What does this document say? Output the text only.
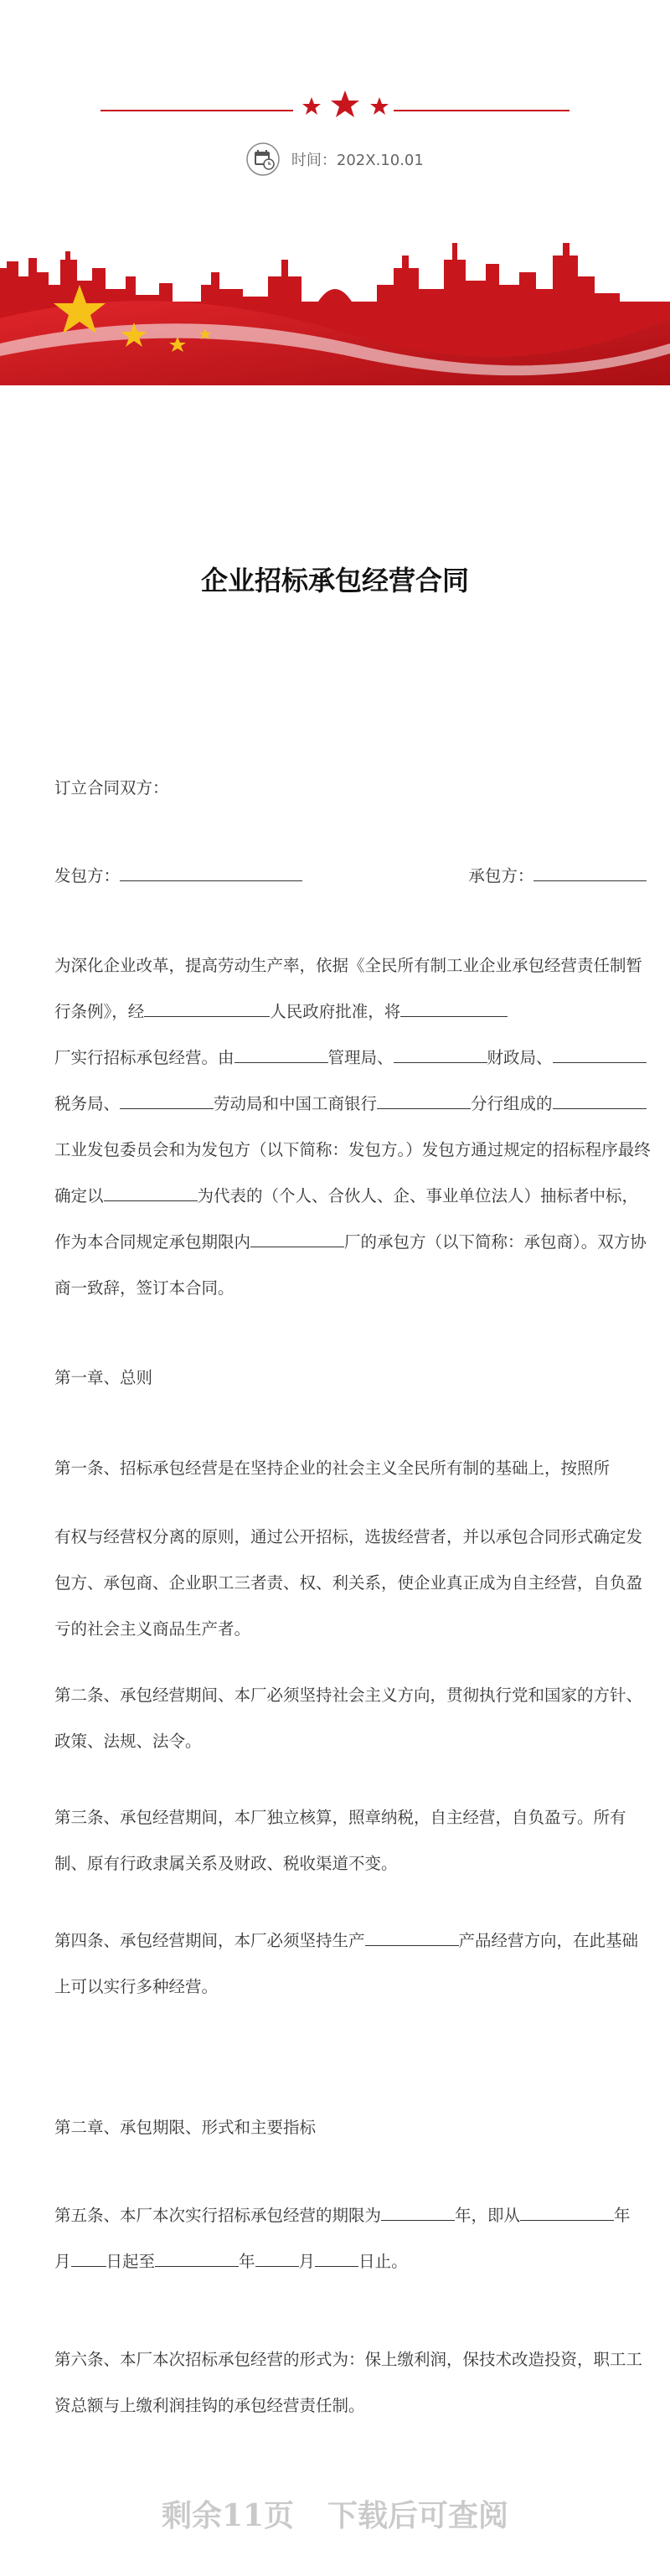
时间：202X.10.01
企业招标承包经营合同
订立合同双方：
发包方：	承包方：
为深化企业改革，提高劳动生产率，依据《全民所有制工业企业承包经营责任制暂行条例》，经	人民政府批准，将
厂实行招标承包经营。由	管理局、	财政局、税务局、	劳动局和中国工商银行	分行组成的工业发包委员会和为发包方（以下简称：发包方。）发包方通过规定的招标程序最终确定以	为代表的（个人、合伙人、企、事业单位法人）抽标者中标，作为本合同规定承包期限内	厂的承包方（以下简称：承包商）。双方协商一致辞，签订本合同。
第一章、总则
第一条、招标承包经营是在坚持企业的社会主义全民所有制的基础上，按照所
有权与经营权分离的原则，通过公开招标，选拔经营者，并以承包合同形式确定发包方、承包商、企业职工三者责、权、利关系，使企业真正成为自主经营，自负盈亏的社会主义商品生产者。
第二条、承包经营期间、本厂必须坚持社会主义方向，贯彻执行党和国家的方针、政策、法规、法令。
第三条、承包经营期间，本厂独立核算，照章纳税，自主经营，自负盈亏。所有制、原有行政隶属关系及财政、税收渠道不变。
第四条、承包经营期间，本厂必须坚持生产	产品经营方向，在此基础上可以实行多种经营。
第二章、承包期限、形式和主要指标
第五条、本厂本次实行招标承包经营的期限为	年，即从	年
月 日起至	年	月	日止。
第六条、本厂本次招标承包经营的形式为：保上缴利润，保技术改造投资，职工工资总额与上缴利润挂钩的承包经营责任制。
剩余11页 下载后可查阅
